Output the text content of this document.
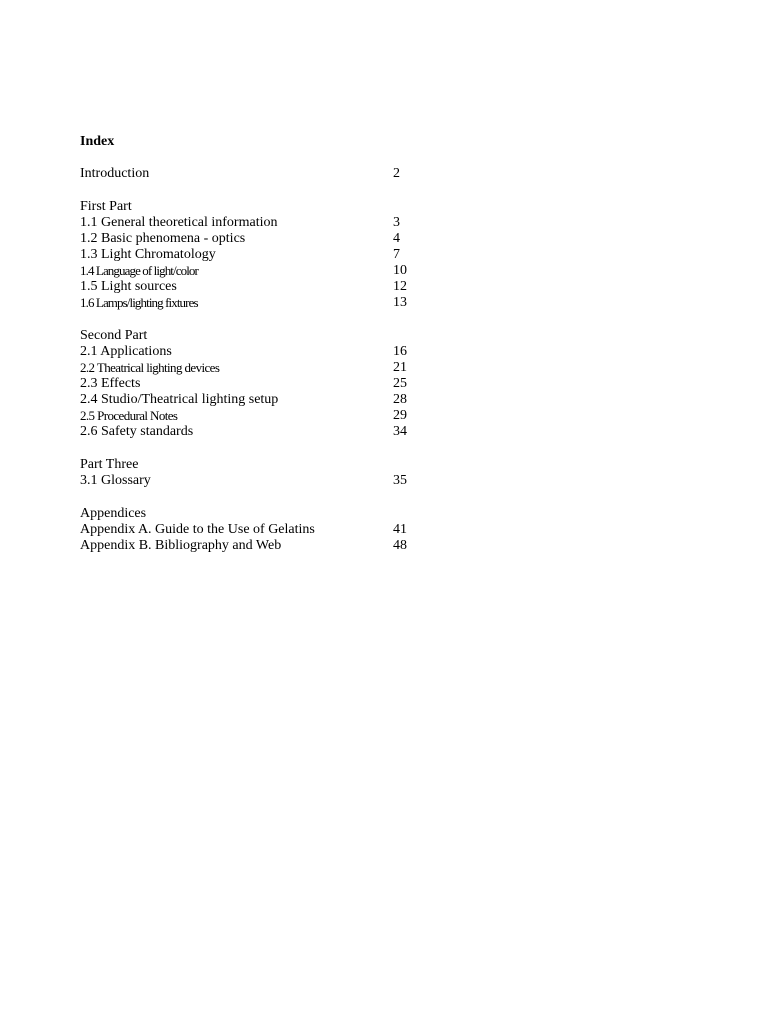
Index
Introduction	2
First Part
1.1 General theoretical information	3
1.2 Basic phenomena - optics	4
1.3 Light Chromatology	7
1.4 Language of light/color	10
1.5 Light sources	12
1.6 Lamps/lighting fixtures	13
Second Part
2.1 Applications	16
2.2 Theatrical lighting devices	21
2.3 Effects	25
2.4 Studio/Theatrical lighting setup	28
2.5 Procedural Notes	29
2.6 Safety standards	34
Part Three
3.1 Glossary	35
Appendices
Appendix A. Guide to the Use of Gelatins	41
Appendix B. Bibliography and Web	48
